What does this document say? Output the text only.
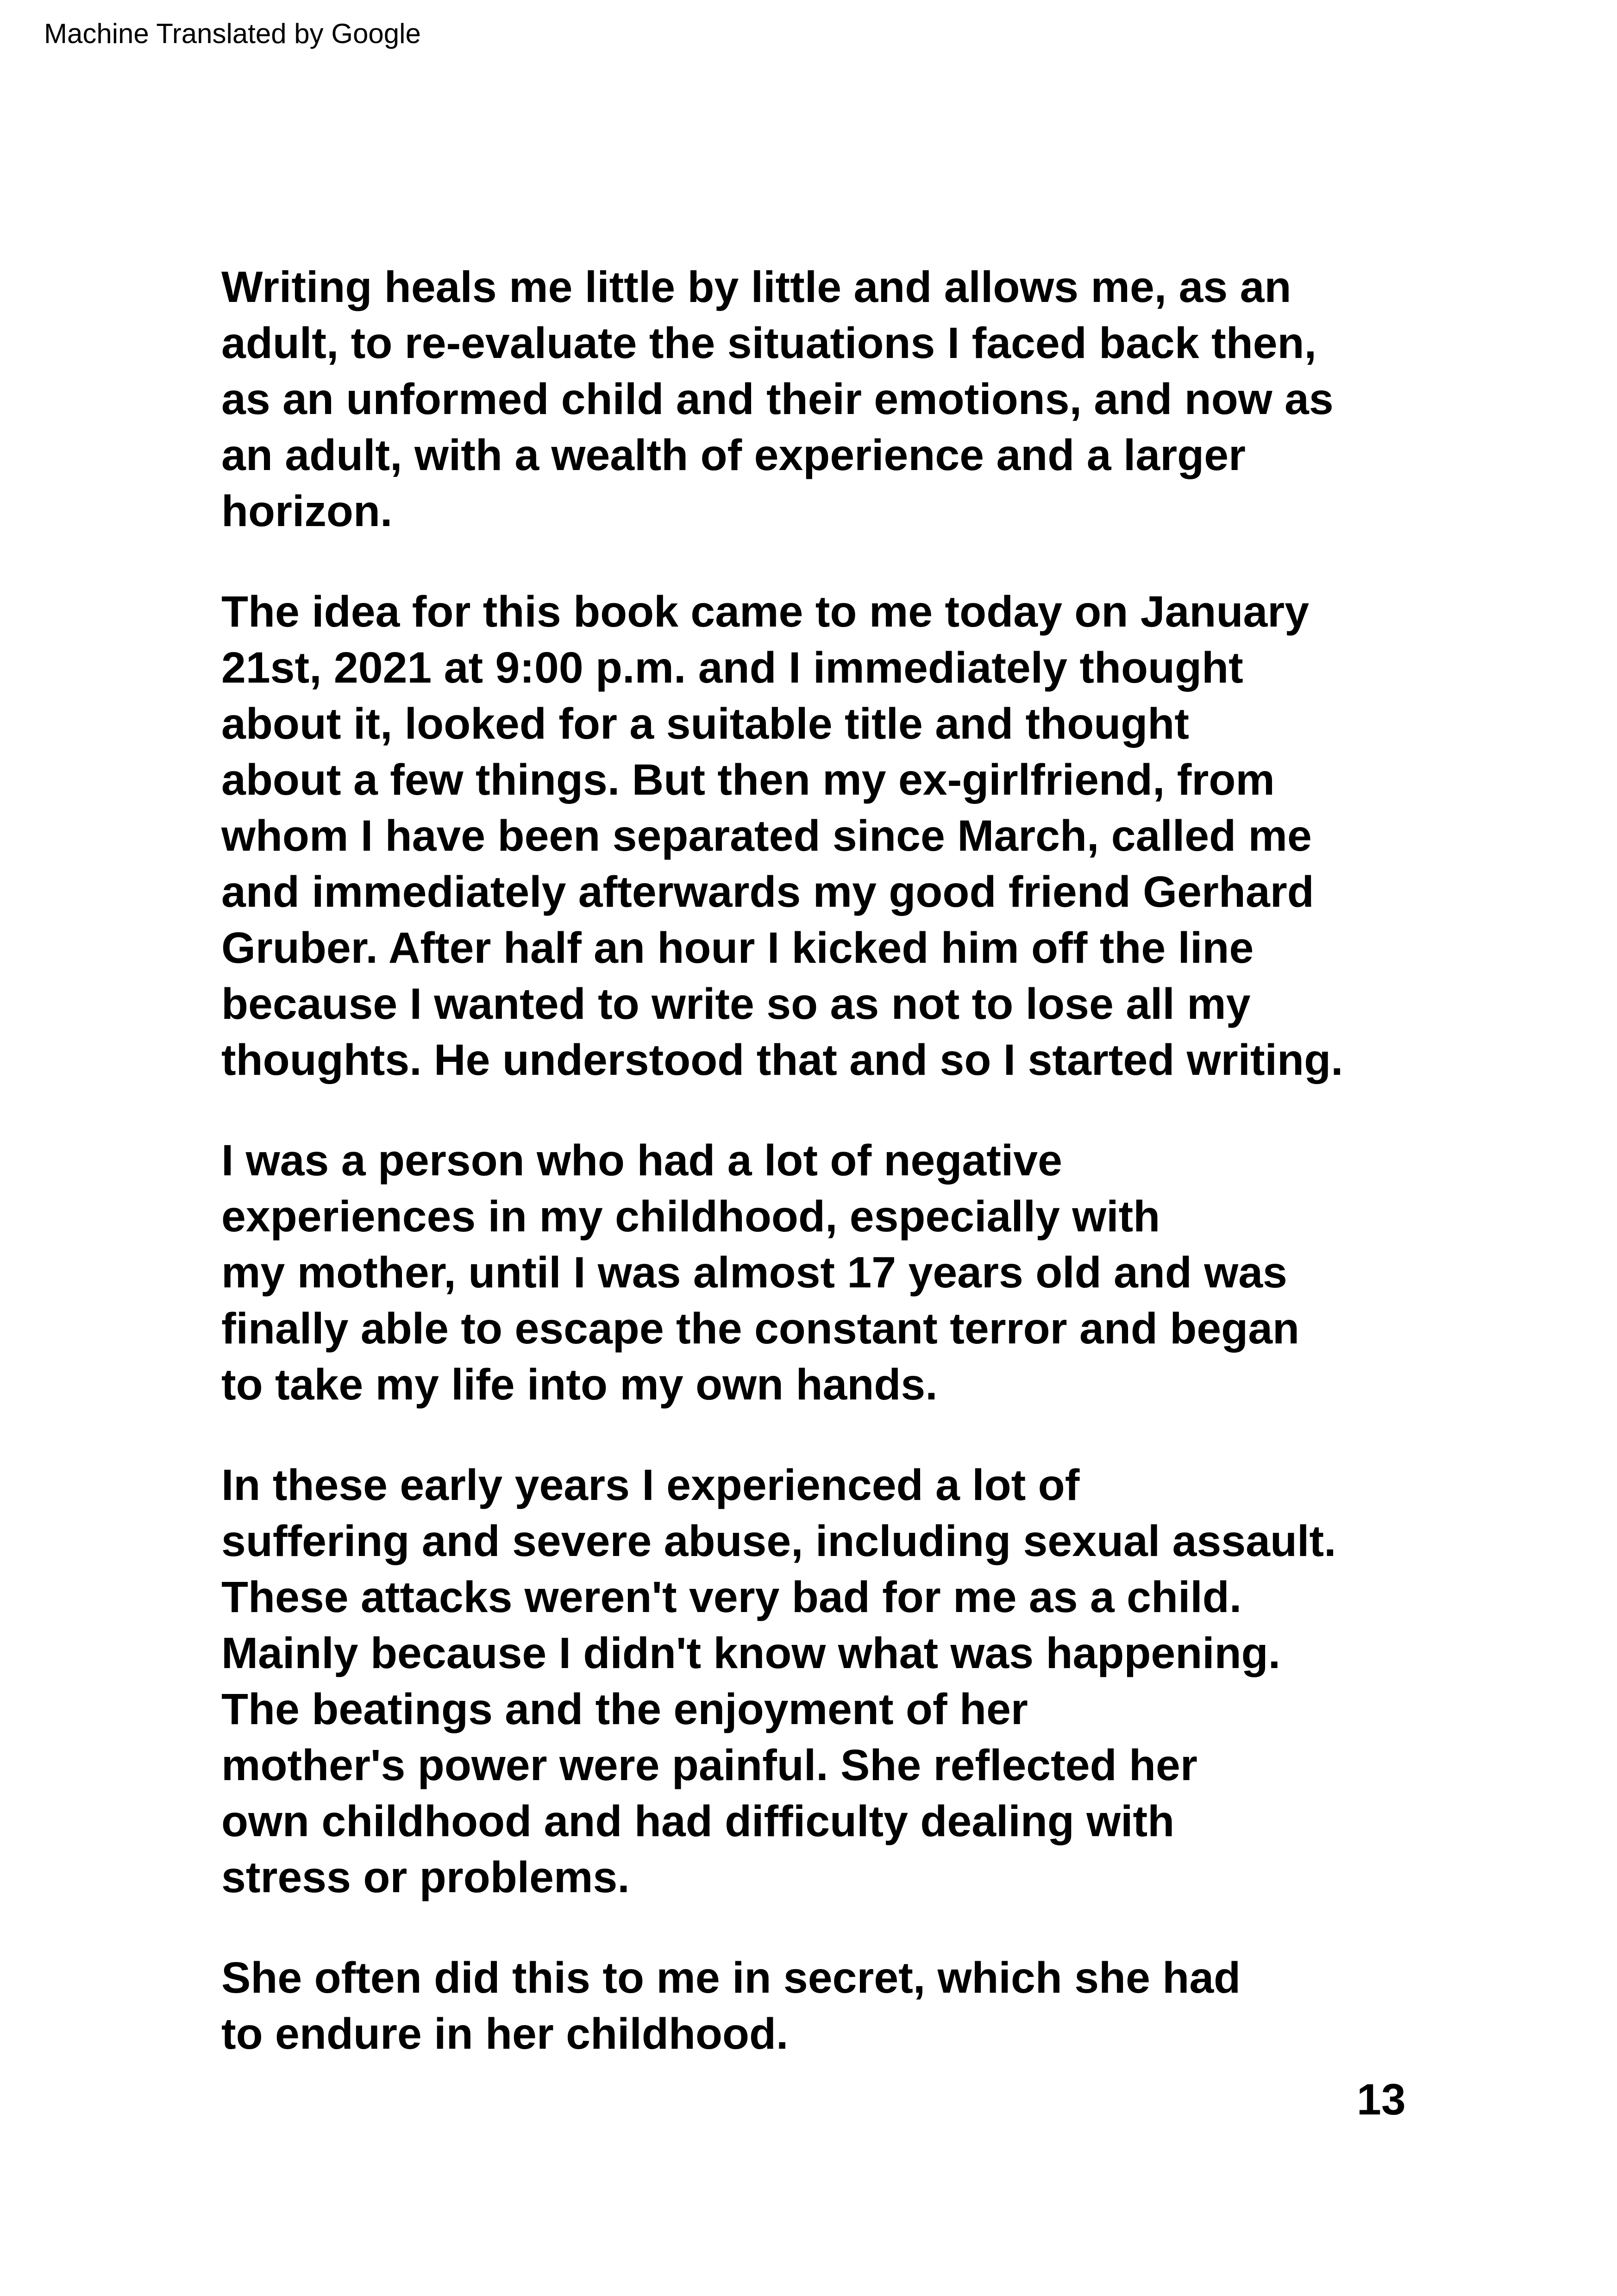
Machine Translated by Google
Writing heals me little by little and allows me, as an
adult, to re-evaluate the situations I faced back then,
as an unformed child and their emotions, and now as
an adult, with a wealth of experience and a larger
horizon.
The idea for this book came to me today on January
21st, 2021 at 9:00 p.m. and I immediately thought
about it, looked for a suitable title and thought
about a few things. But then my ex-girlfriend, from
whom I have been separated since March, called me
and immediately afterwards my good friend Gerhard
Gruber. After half an hour I kicked him off the line
because I wanted to write so as not to lose all my
thoughts. He understood that and so I started writing.
I was a person who had a lot of negative
experiences in my childhood, especially with
my mother, until I was almost 17 years old and was
finally able to escape the constant terror and began
to take my life into my own hands.
In these early years I experienced a lot of
suffering and severe abuse, including sexual assault.
These attacks weren't very bad for me as a child.
Mainly because I didn't know what was happening.
The beatings and the enjoyment of her
mother's power were painful. She reflected her
own childhood and had difficulty dealing with
stress or problems.
She often did this to me in secret, which she had
to endure in her childhood.
13
